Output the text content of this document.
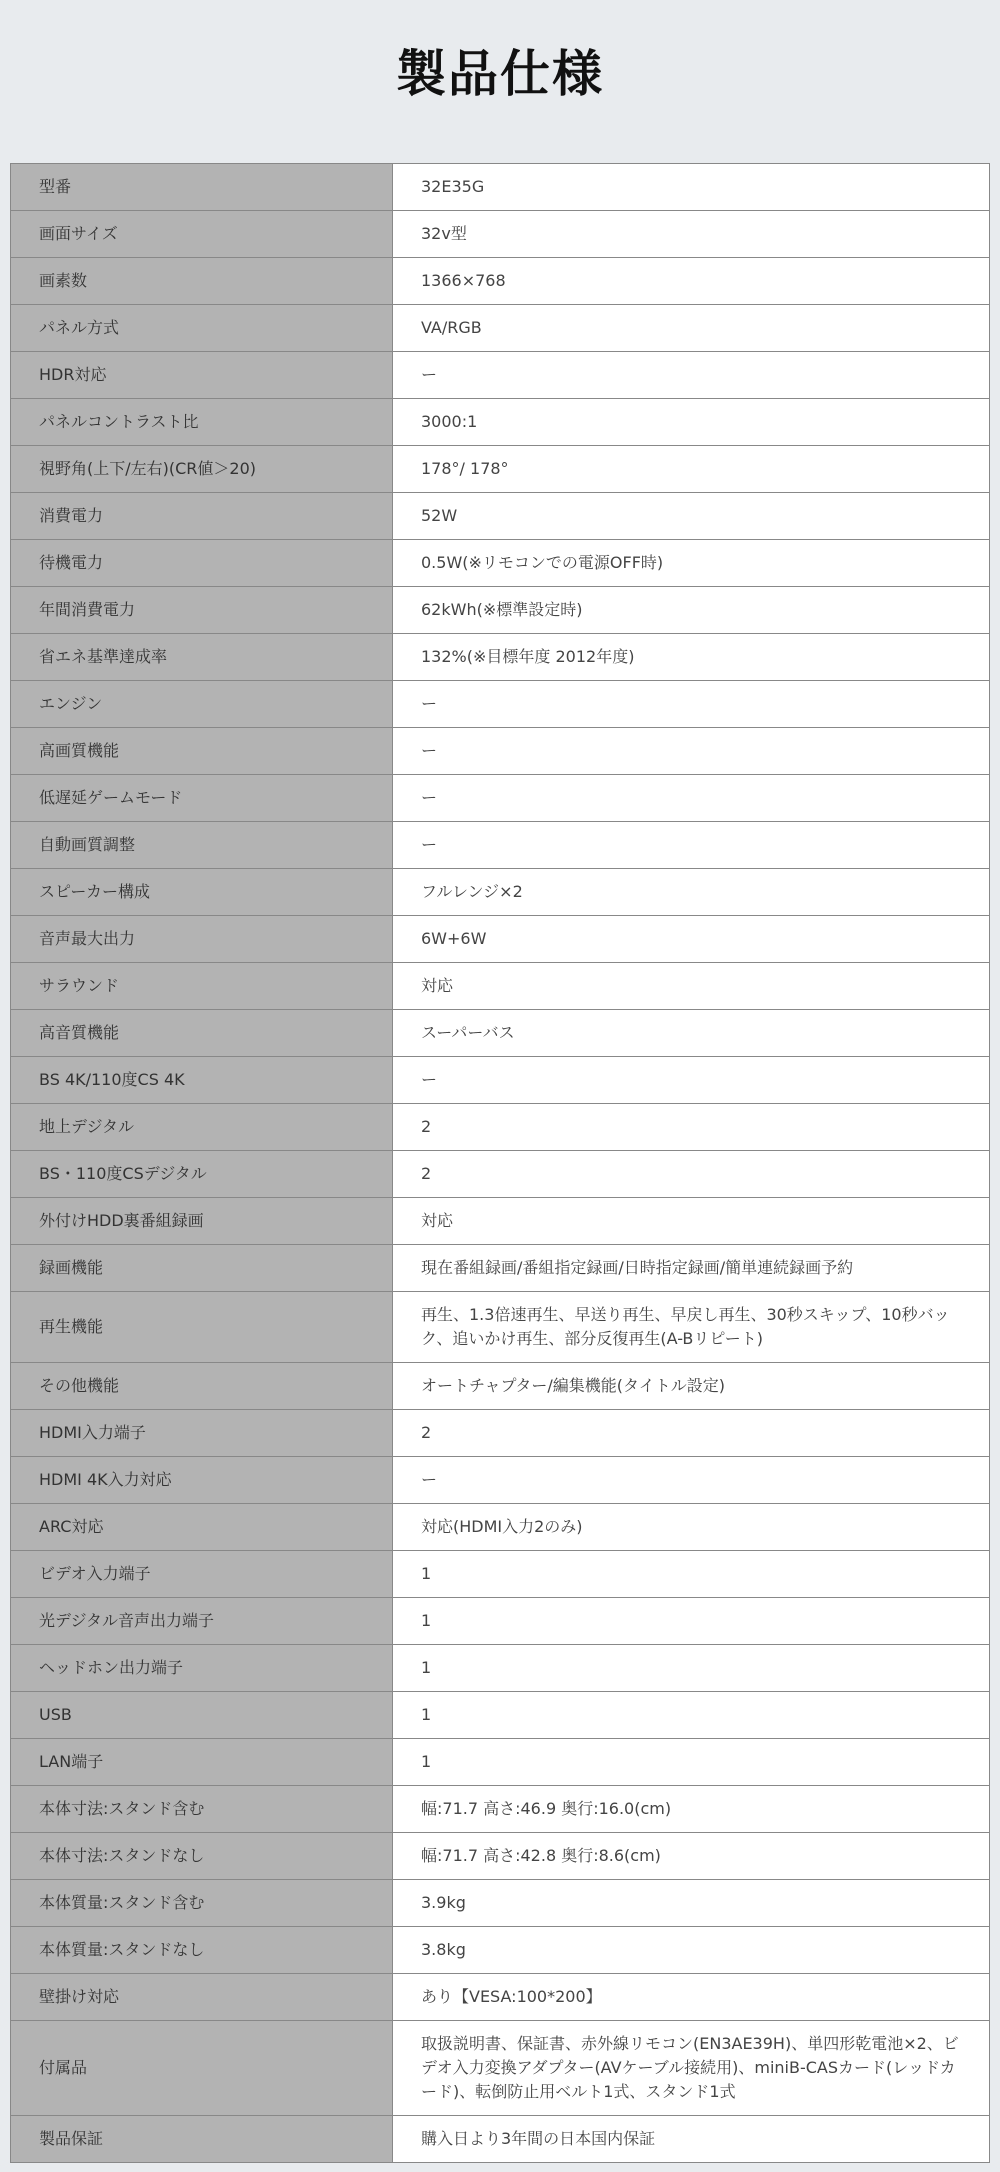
製品仕様
型番	32E35G
画面サイズ	32v型
画素数	1366×768
パネル方式	VA/RGB
HDR対応	ー
パネルコントラスト比	3000:1
視野角(上下/左右)(CR値＞20)	178°/ 178°
消費電力	52W
待機電力	0.5W(※リモコンでの電源OFF時)
年間消費電力	62kWh(※標準設定時)
省エネ基準達成率	132%(※目標年度 2012年度)
エンジン	ー
高画質機能	ー
低遅延ゲームモード	ー
自動画質調整	ー
スピーカー構成	フルレンジ×2
音声最大出力	6W+6W
サラウンド	対応
高音質機能	スーパーバス
BS 4K/110度CS 4K	ー
地上デジタル	2
BS・110度CSデジタル	2
外付けHDD裏番組録画	対応
録画機能	現在番組録画/番組指定録画/日時指定録画/簡単連続録画予約
再生機能	再生、1.3倍速再生、早送り再生、早戻し再生、30秒スキップ、10秒バック、追いかけ再生、部分反復再生(A-Bリピート)
その他機能	オートチャプター/編集機能(タイトル設定)
HDMI入力端子	2
HDMI 4K入力対応	ー
ARC対応	対応(HDMI入力2のみ)
ビデオ入力端子	1
光デジタル音声出力端子	1
ヘッドホン出力端子	1
USB	1
LAN端子	1
本体寸法:スタンド含む	幅:71.7 高さ:46.9 奥行:16.0(cm)
本体寸法:スタンドなし	幅:71.7 高さ:42.8 奥行:8.6(cm)
本体質量:スタンド含む	3.9kg
本体質量:スタンドなし	3.8kg
壁掛け対応	あり【VESA:100*200】
付属品	取扱説明書、保証書、赤外線リモコン(EN3AE39H)、単四形乾電池×2、ビデオ入力変換アダプター(AVケーブル接続用)、miniB-CASカード(レッドカード)、転倒防止用ベルト1式、スタンド1式
製品保証	購入日より3年間の日本国内保証
